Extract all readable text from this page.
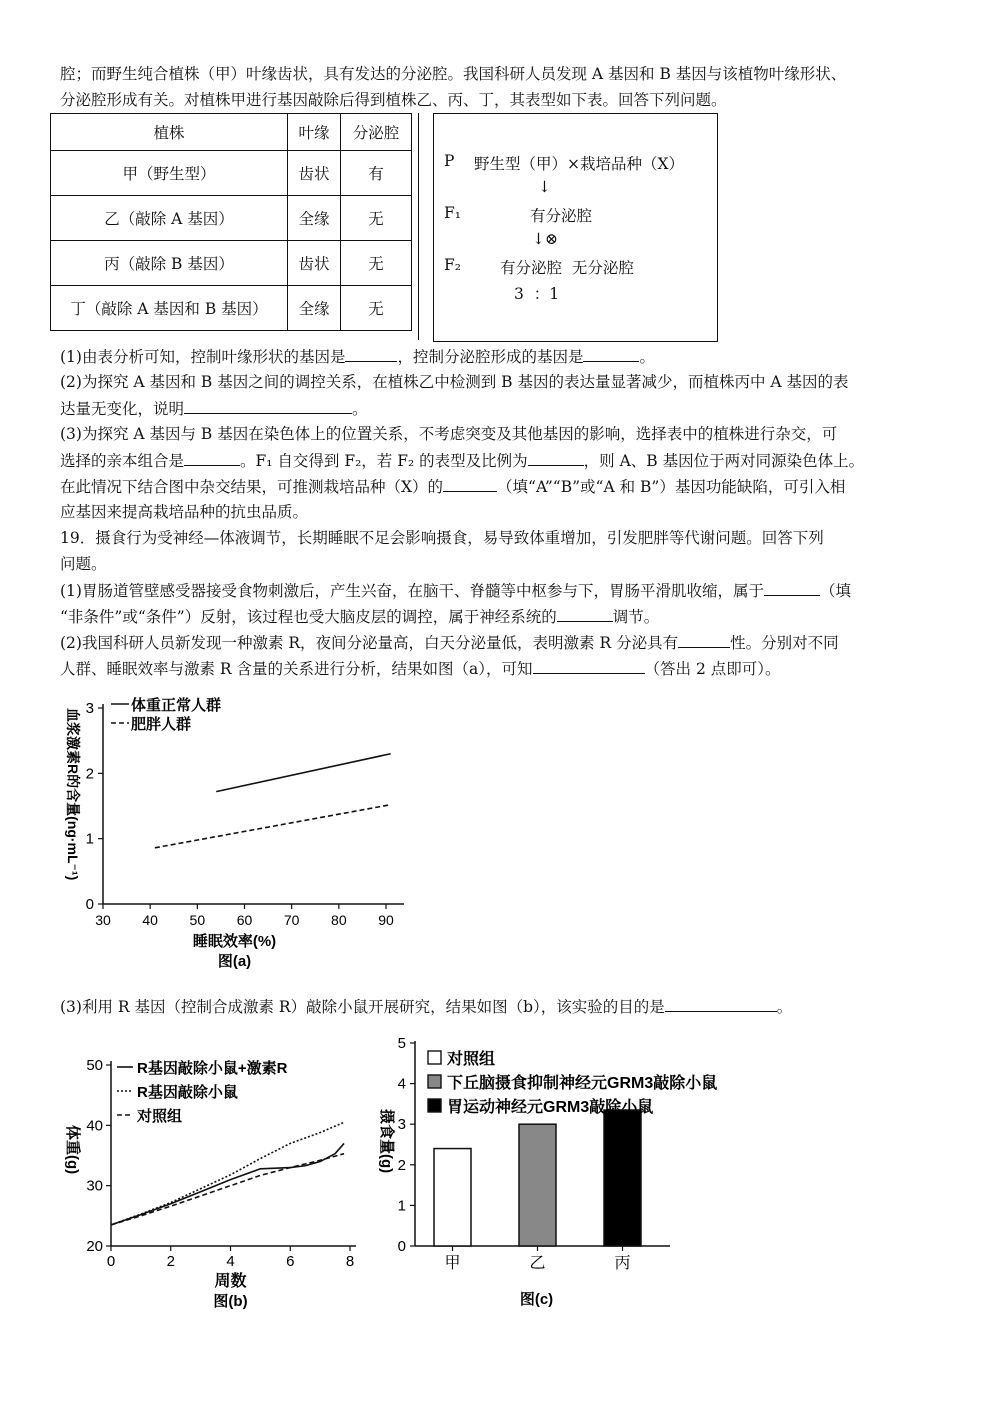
腔；而野生纯合植株（甲）叶缘齿状，具有发达的分泌腔。我国科研人员发现 A 基因和 B 基因与该植物叶缘形状、
分泌腔形成有关。对植株甲进行基因敲除后得到植株乙、丙、丁，其表型如下表。回答下列问题。
植株	叶缘	分泌腔
甲（野生型）	齿状	有
乙（敲除 A 基因）	全缘	无
丙（敲除 B 基因）	齿状	无
丁（敲除 A 基因和 B 基因）	全缘	无
P 野生型（甲）×栽培品种（X）
↓
F₁	有分泌腔
↓⊗
F₂	有分泌腔  无分泌腔
3  ：1
(1)由表分析可知，控制叶缘形状的基因是	，控制分泌腔形成的基因是	。
(2)为探究 A 基因和 B 基因之间的调控关系，在植株乙中检测到 B 基因的表达量显著减少，而植株丙中 A 基因的表
达量无变化，说明	。
(3)为探究 A 基因与 B 基因在染色体上的位置关系，不考虑突变及其他基因的影响，选择表中的植株进行杂交，可
选择的亲本组合是	。F₁ 自交得到 F₂，若 F₂ 的表型及比例为	，则 A、B 基因位于两对同源染色体上。
在此情况下结合图中杂交结果，可推测栽培品种（X）的	（填“A”“B”或“A 和 B”）基因功能缺陷，可引入相
应基因来提高栽培品种的抗虫品质。
19．摄食行为受神经—体液调节，长期睡眠不足会影响摄食，易导致体重增加，引发肥胖等代谢问题。回答下列
问题。
(1)胃肠道管壁感受器接受食物刺激后，产生兴奋，在脑干、脊髓等中枢参与下，胃肠平滑肌收缩，属于	（填
“非条件”或“条件”）反射，该过程也受大脑皮层的调控，属于神经系统的	调节。
(2)我国科研人员新发现一种激素 R，夜间分泌量高，白天分泌量低，表明激素 R 分泌具有	性。分别对不同
人群、睡眠效率与激素 R 含量的关系进行分析，结果如图（a），可知	（答出 2 点即可）。
0
1
2
3
30 40 50 60 70 80 90
体重正常人群
肥胖人群
血浆激素R的含量(ng·mL⁻¹)
睡眠效率(%)
图(a)
(3)利用 R 基因（控制合成激素 R）敲除小鼠开展研究，结果如图（b），该实验的目的是	。
20
30
40
50
0	2	4	6	8
R基因敲除小鼠+激素R
R基因敲除小鼠
对照组
体重(g)
周数
图(b)
0
1
2
3
4
5
甲	乙	丙
对照组
下丘脑摄食抑制神经元GRM3敲除小鼠
胃运动神经元GRM3敲除小鼠
摄食量(g)
图(c)
